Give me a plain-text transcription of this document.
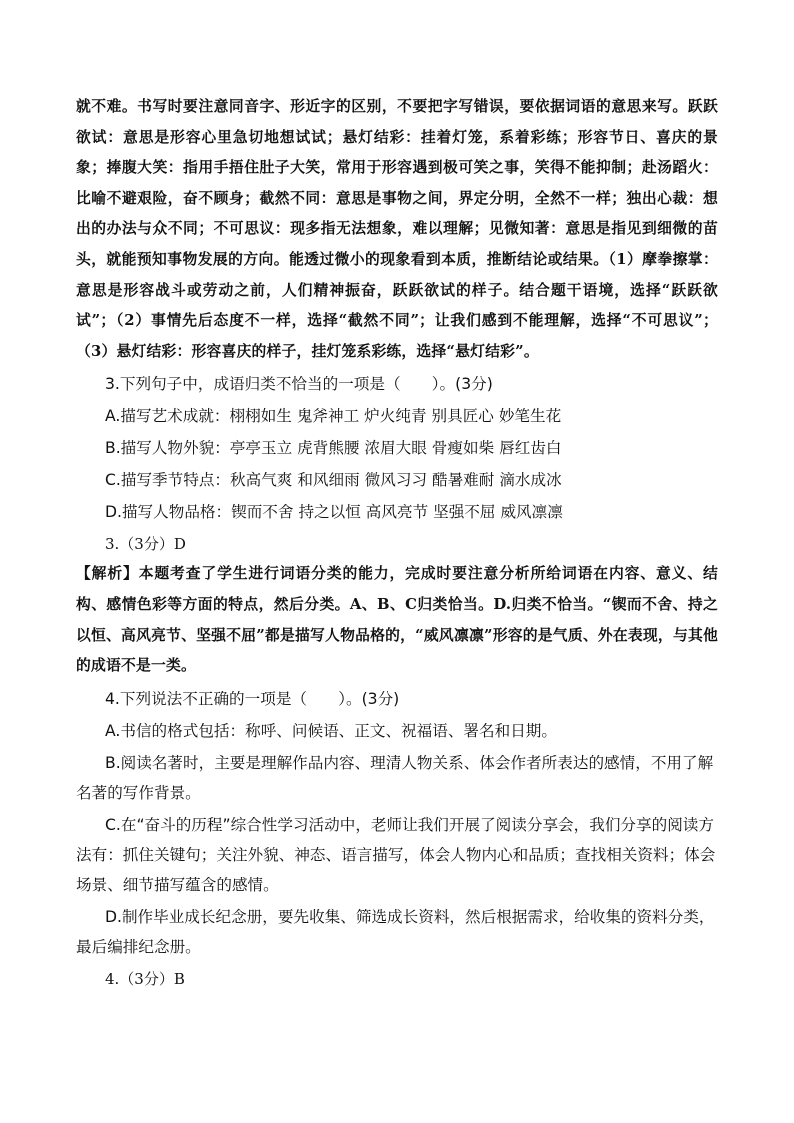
就不难。书写时要注意同音字、形近字的区别，不要把字写错误，要依据词语的意思来写。跃跃欲试：意思是形容心里急切地想试试；悬灯结彩：挂着灯笼，系着彩练；形容节日、喜庆的景象；捧腹大笑：指用手捂住肚子大笑，常用于形容遇到极可笑之事，笑得不能抑制；赴汤蹈火：比喻不避艰险，奋不顾身；截然不同：意思是事物之间，界定分明，全然不一样；独出心裁：想出的办法与众不同；不可思议：现多指无法想象，难以理解；见微知著：意思是指见到细微的苗头，就能预知事物发展的方向。能透过微小的现象看到本质，推断结论或结果。（1）摩拳擦掌：意思是形容战斗或劳动之前，人们精神振奋，跃跃欲试的样子。结合题干语境，选择“跃跃欲试”；（2）事情先后态度不一样，选择“截然不同”；让我们感到不能理解，选择“不可思议”；（3）悬灯结彩：形容喜庆的样子，挂灯笼系彩练，选择“悬灯结彩”。

3.下列句子中，成语归类不恰当的一项是（　　）。(3分)

A.描写艺术成就：栩栩如生 鬼斧神工 炉火纯青 别具匠心 妙笔生花

B.描写人物外貌：亭亭玉立 虎背熊腰 浓眉大眼 骨瘦如柴 唇红齿白

C.描写季节特点：秋高气爽 和风细雨 微风习习 酷暑难耐 滴水成冰

D.描写人物品格：锲而不舍 持之以恒 高风亮节 坚强不屈 威风凛凛

3.（3分）D

【解析】本题考查了学生进行词语分类的能力，完成时要注意分析所给词语在内容、意义、结构、感情色彩等方面的特点，然后分类。A、B、C归类恰当。D.归类不恰当。“锲而不舍、持之以恒、高风亮节、坚强不屈”都是描写人物品格的，“威风凛凛”形容的是气质、外在表现，与其他的成语不是一类。

4.下列说法不正确的一项是（　　）。(3分)

A.书信的格式包括：称呼、问候语、正文、祝福语、署名和日期。

B.阅读名著时，主要是理解作品内容、理清人物关系、体会作者所表达的感情，不用了解名著的写作背景。

C.在“奋斗的历程”综合性学习活动中，老师让我们开展了阅读分享会，我们分享的阅读方法有：抓住关键句；关注外貌、神态、语言描写，体会人物内心和品质；查找相关资料；体会场景、细节描写蕴含的感情。

D.制作毕业成长纪念册，要先收集、筛选成长资料，然后根据需求，给收集的资料分类，最后编排纪念册。

4.（3分）B
